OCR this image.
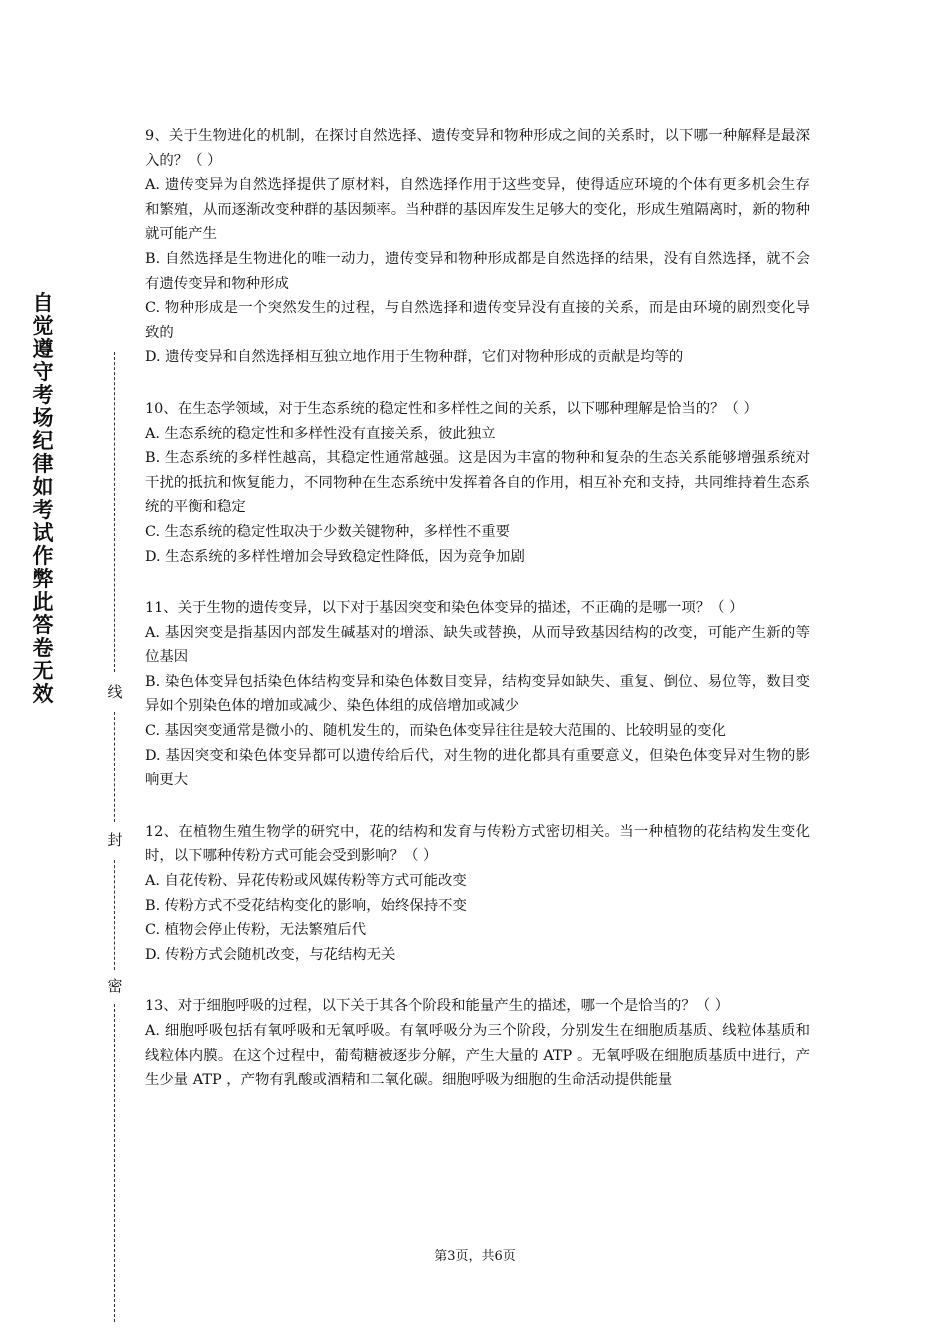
自
觉
遵
守
考
场
纪
律
如
考
试
作
弊
此
答
卷
无
效	线
封
密

9、关于生物进化的机制，在探讨自然选择、遗传变异和物种形成之间的关系时，以下哪一种解释是最深入的？（ ）

A. 遗传变异为自然选择提供了原材料，自然选择作用于这些变异，使得适应环境的个体有更多机会生存和繁殖，从而逐渐改变种群的基因频率。当种群的基因库发生足够大的变化，形成生殖隔离时，新的物种就可能产生

B. 自然选择是生物进化的唯一动力，遗传变异和物种形成都是自然选择的结果，没有自然选择，就不会有遗传变异和物种形成

C. 物种形成是一个突然发生的过程，与自然选择和遗传变异没有直接的关系，而是由环境的剧烈变化导致的

D. 遗传变异和自然选择相互独立地作用于生物种群，它们对物种形成的贡献是均等的

10、在生态学领域，对于生态系统的稳定性和多样性之间的关系，以下哪种理解是恰当的？（ ）

A. 生态系统的稳定性和多样性没有直接关系，彼此独立

B. 生态系统的多样性越高，其稳定性通常越强。这是因为丰富的物种和复杂的生态关系能够增强系统对干扰的抵抗和恢复能力，不同物种在生态系统中发挥着各自的作用，相互补充和支持，共同维持着生态系统的平衡和稳定

C. 生态系统的稳定性取决于少数关键物种，多样性不重要

D. 生态系统的多样性增加会导致稳定性降低，因为竞争加剧

11、关于生物的遗传变异，以下对于基因突变和染色体变异的描述，不正确的是哪一项？（ ）

A. 基因突变是指基因内部发生碱基对的增添、缺失或替换，从而导致基因结构的改变，可能产生新的等位基因

B. 染色体变异包括染色体结构变异和染色体数目变异，结构变异如缺失、重复、倒位、易位等，数目变异如个别染色体的增加或减少、染色体组的成倍增加或减少

C. 基因突变通常是微小的、随机发生的，而染色体变异往往是较大范围的、比较明显的变化

D. 基因突变和染色体变异都可以遗传给后代，对生物的进化都具有重要意义，但染色体变异对生物的影响更大

12、在植物生殖生物学的研究中，花的结构和发育与传粉方式密切相关。当一种植物的花结构发生变化时，以下哪种传粉方式可能会受到影响？（ ）

A. 自花传粉、异花传粉或风媒传粉等方式可能改变

B. 传粉方式不受花结构变化的影响，始终保持不变

C. 植物会停止传粉，无法繁殖后代

D. 传粉方式会随机改变，与花结构无关

13、对于细胞呼吸的过程，以下关于其各个阶段和能量产生的描述，哪一个是恰当的？（ ）

A. 细胞呼吸包括有氧呼吸和无氧呼吸。有氧呼吸分为三个阶段，分别发生在细胞质基质、线粒体基质和线粒体内膜。在这个过程中，葡萄糖被逐步分解，产生大量的 ATP 。无氧呼吸在细胞质基质中进行，产生少量 ATP ，产物有乳酸或酒精和二氧化碳。细胞呼吸为细胞的生命活动提供能量

第3页，共6页
